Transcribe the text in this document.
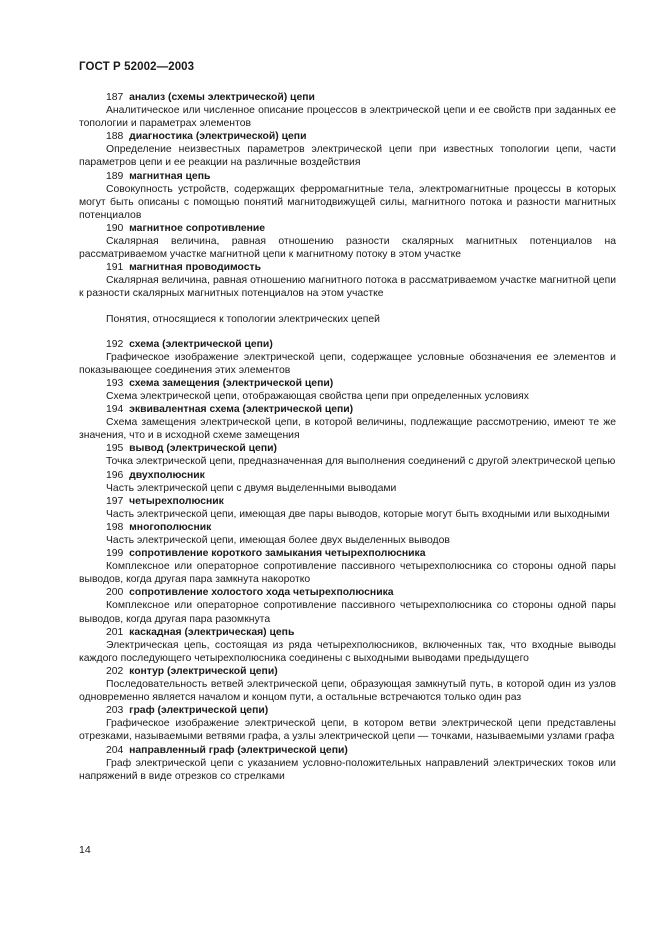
ГОСТ Р 52002—2003

187 анализ (схемы электрической) цепи

Аналитическое или численное описание процессов в электрической цепи и ее свойств при заданных ее топологии и параметрах элементов

188 диагностика (электрической) цепи

Определение неизвестных параметров электрической цепи при известных топологии цепи, части параметров цепи и ее реакции на различные воздействия

189 магнитная цепь

Совокупность устройств, содержащих ферромагнитные тела, электромагнитные процессы в которых могут быть описаны с помощью понятий магнитодвижущей силы, магнитного потока и разности магнитных потенциалов

190 магнитное сопротивление

Скалярная величина, равная отношению разности скалярных магнитных потенциалов на рассматриваемом участке магнитной цепи к магнитному потоку в этом участке

191 магнитная проводимость

Скалярная величина, равная отношению магнитного потока в рассматриваемом участке магнитной цепи к разности скалярных магнитных потенциалов на этом участке

Понятия, относящиеся к топологии электрических цепей

192 схема (электрической цепи)

Графическое изображение электрической цепи, содержащее условные обозначения ее элементов и показывающее соединения этих элементов

193 схема замещения (электрической цепи)

Схема электрической цепи, отображающая свойства цепи при определенных условиях

194 эквивалентная схема (электрической цепи)

Схема замещения электрической цепи, в которой величины, подлежащие рассмотрению, имеют те же значения, что и в исходной схеме замещения

195 вывод (электрической цепи)

Точка электрической цепи, предназначенная для выполнения соединений с другой электрической цепью

196 двухполюсник

Часть электрической цепи с двумя выделенными выводами

197 четырехполюсник

Часть электрической цепи, имеющая две пары выводов, которые могут быть входными или выходными

198 многополюсник

Часть электрической цепи, имеющая более двух выделенных выводов

199 сопротивление короткого замыкания четырехполюсника

Комплексное или операторное сопротивление пассивного четырехполюсника со стороны одной пары выводов, когда другая пара замкнута накоротко

200 сопротивление холостого хода четырехполюсника

Комплексное или операторное сопротивление пассивного четырехполюсника со стороны одной пары выводов, когда другая пара разомкнута

201 каскадная (электрическая) цепь

Электрическая цепь, состоящая из ряда четырехполюсников, включенных так, что входные выводы каждого последующего четырехполюсника соединены с выходными выводами предыдущего

202 контур (электрической цепи)

Последовательность ветвей электрической цепи, образующая замкнутый путь, в которой один из узлов одновременно является началом и концом пути, а остальные встречаются только один раз

203 граф (электрической цепи)

Графическое изображение электрической цепи, в котором ветви электрической цепи представлены отрезками, называемыми ветвями графа, а узлы электрической цепи — точками, называемыми узлами графа

204 направленный граф (электрической цепи)

Граф электрической цепи с указанием условно-положительных направлений электрических токов или напряжений в виде отрезков со стрелками

14
